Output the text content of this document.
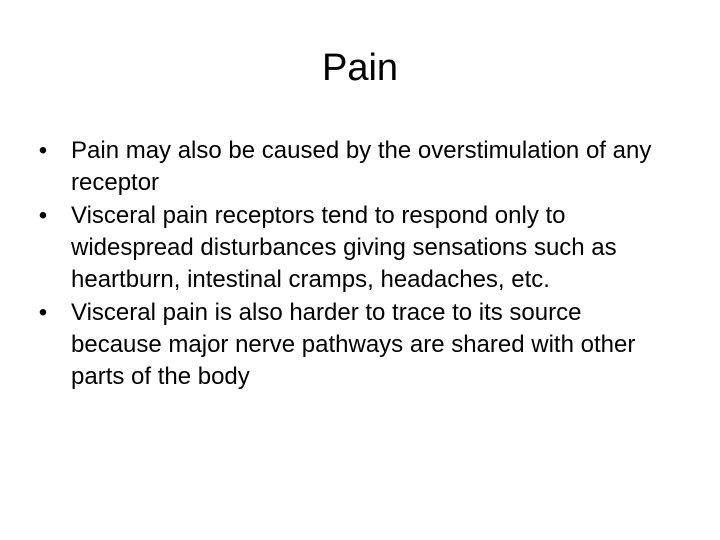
Pain
• Pain may also be caused by the overstimulation of any receptor
• Visceral pain receptors tend to respond only to widespread disturbances giving sensations such as heartburn, intestinal cramps, headaches, etc.
• Visceral pain is also harder to trace to its source because major nerve pathways are shared with other parts of the body
